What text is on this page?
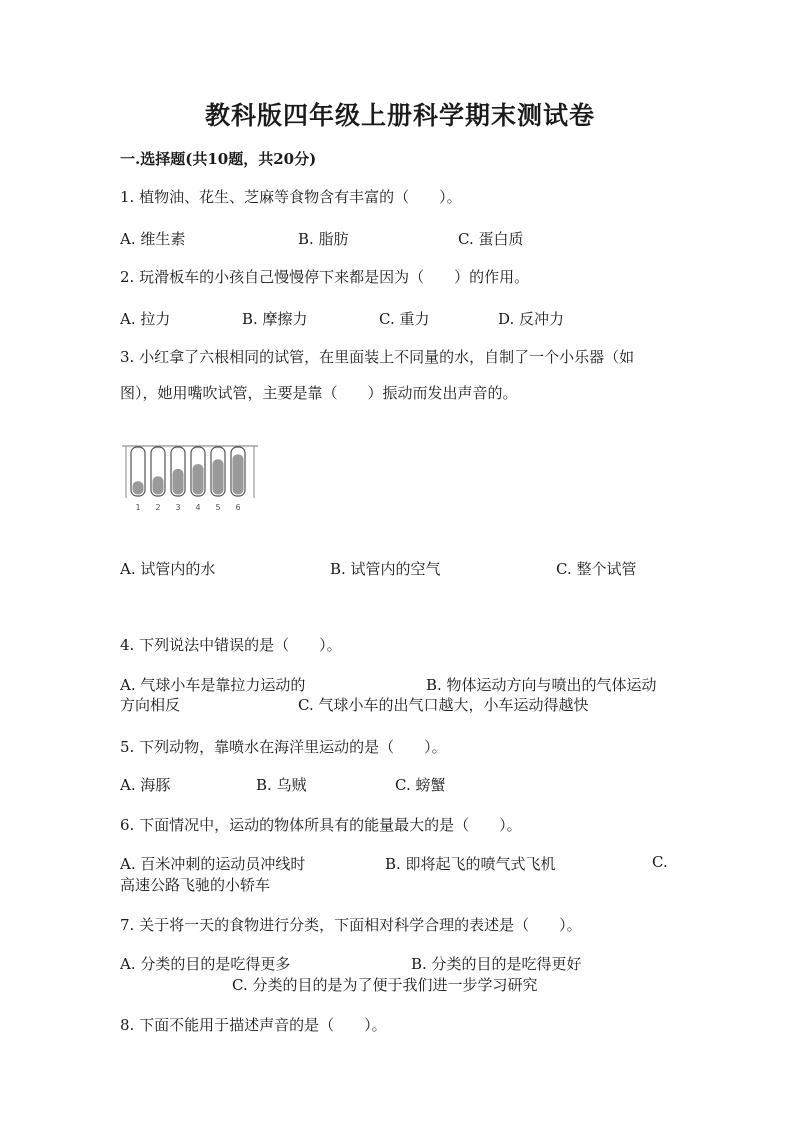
教科版四年级上册科学期末测试卷
一.选择题(共10题，共20分)
1. 植物油、花生、芝麻等食物含有丰富的（　　）。
A. 维生素	B. 脂肪	C. 蛋白质
2. 玩滑板车的小孩自己慢慢停下来都是因为（　　）的作用。
A. 拉力	B. 摩擦力	C. 重力	D. 反冲力
3. 小红拿了六根相同的试管，在里面装上不同量的水，自制了一个小乐器（如
图），她用嘴吹试管，主要是靠（　　）振动而发出声音的。
1 2 3 4 5 6
A. 试管内的水	B. 试管内的空气	C. 整个试管
4. 下列说法中错误的是（　　）。
A. 气球小车是靠拉力运动的	B. 物体运动方向与喷出的气体运动
方向相反	C. 气球小车的出气口越大，小车运动得越快
5. 下列动物，靠喷水在海洋里运动的是（　　）。
A. 海豚	B. 乌贼	C. 螃蟹
6. 下面情况中，运动的物体所具有的能量最大的是（　　）。
A. 百米冲刺的运动员冲线时	B. 即将起飞的喷气式飞机	C.
高速公路飞驰的小轿车
7. 关于将一天的食物进行分类，下面相对科学合理的表述是（　　）。
A. 分类的目的是吃得更多	B. 分类的目的是吃得更好
C. 分类的目的是为了便于我们进一步学习研究
8. 下面不能用于描述声音的是（　　）。
